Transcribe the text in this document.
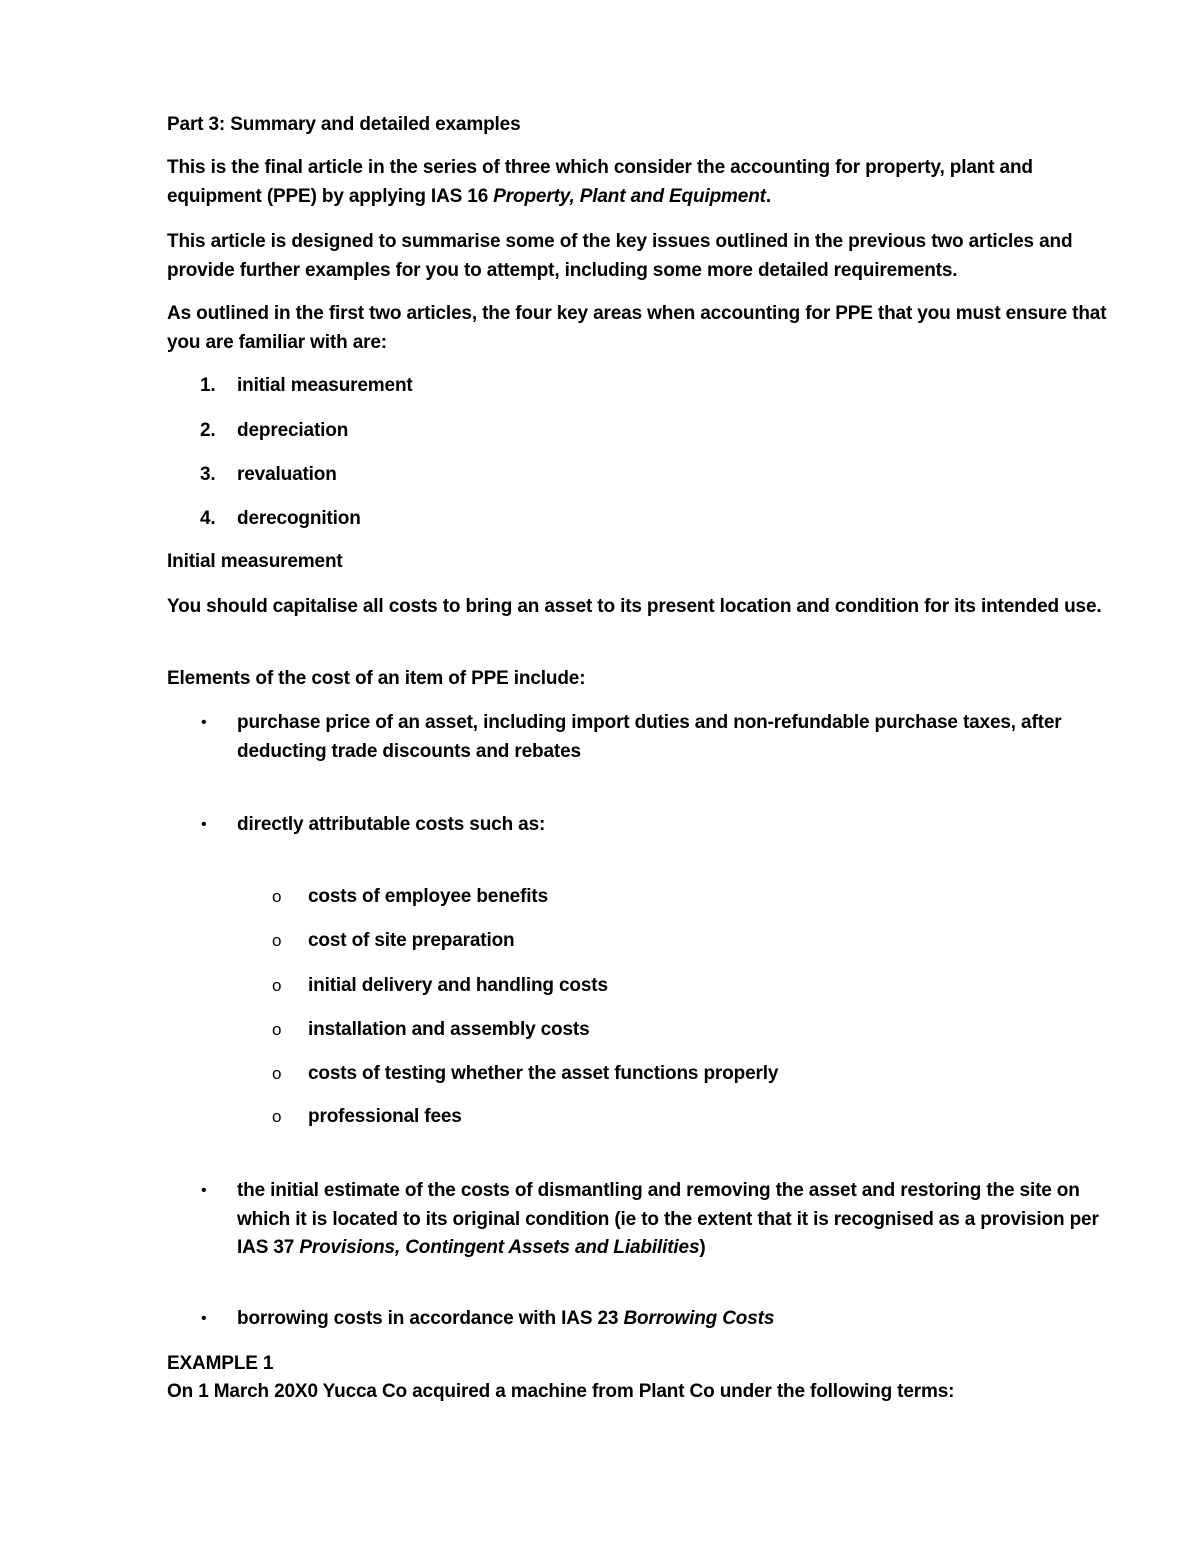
Part 3: Summary and detailed examples
This is the final article in the series of three which consider the accounting for property, plant and equipment (PPE) by applying IAS 16 Property, Plant and Equipment.
This article is designed to summarise some of the key issues outlined in the previous two articles and provide further examples for you to attempt, including some more detailed requirements.
As outlined in the first two articles, the four key areas when accounting for PPE that you must ensure that you are familiar with are:
1. initial measurement
2. depreciation
3. revaluation
4. derecognition
Initial measurement
You should capitalise all costs to bring an asset to its present location and condition for its intended use.
Elements of the cost of an item of PPE include:
• purchase price of an asset, including import duties and non-refundable purchase taxes, after deducting trade discounts and rebates
• directly attributable costs such as:
o costs of employee benefits
o cost of site preparation
o initial delivery and handling costs
o installation and assembly costs
o costs of testing whether the asset functions properly
o professional fees
• the initial estimate of the costs of dismantling and removing the asset and restoring the site on which it is located to its original condition (ie to the extent that it is recognised as a provision per IAS 37 Provisions, Contingent Assets and Liabilities)
• borrowing costs in accordance with IAS 23 Borrowing Costs
EXAMPLE 1
On 1 March 20X0 Yucca Co acquired a machine from Plant Co under the following terms:
